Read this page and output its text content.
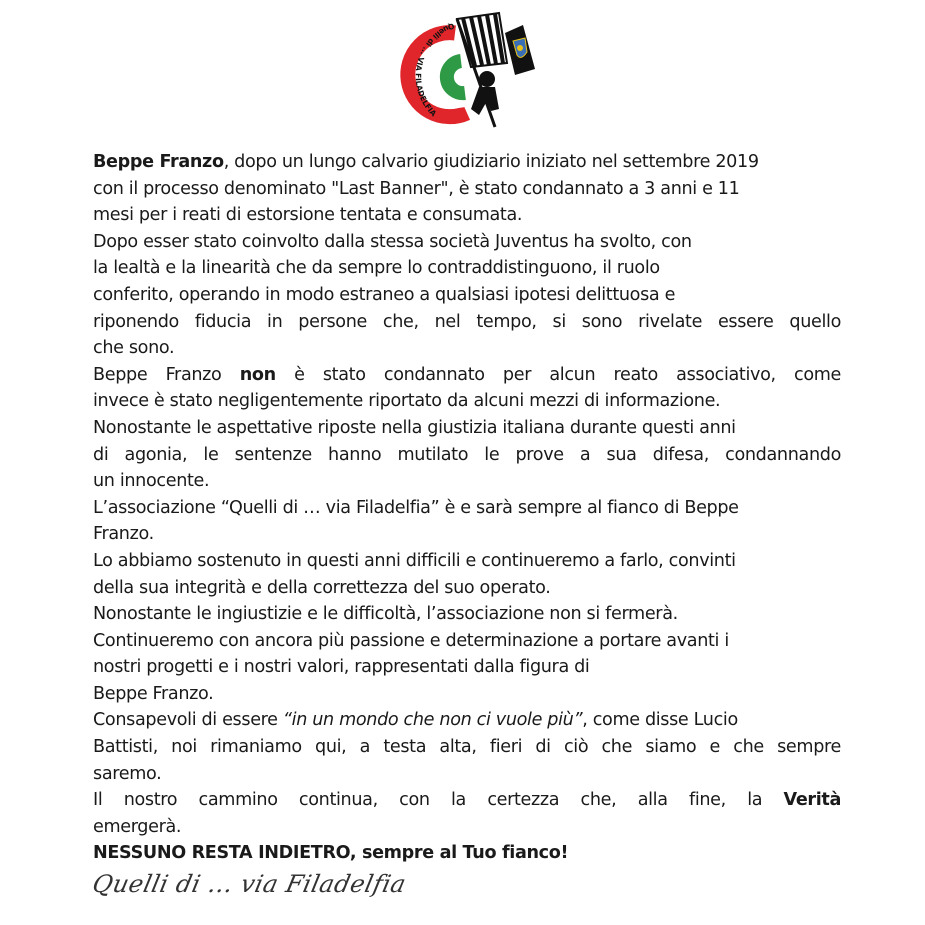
Quelli di ... VIA FILADELFIA
Beppe Franzo, dopo un lungo calvario giudiziario iniziato nel settembre 2019
con il processo denominato "Last Banner", è stato condannato a 3 anni e 11
mesi per i reati di estorsione tentata e consumata.
Dopo esser stato coinvolto dalla stessa società Juventus ha svolto, con
la lealtà e la linearità che da sempre lo contraddistinguono, il ruolo
conferito, operando in modo estraneo a qualsiasi ipotesi delittuosa e
riponendo fiducia in persone che, nel tempo, si sono rivelate essere quello
che sono.
Beppe Franzo non è stato condannato per alcun reato associativo, come
invece è stato negligentemente riportato da alcuni mezzi di informazione.
Nonostante le aspettative riposte nella giustizia italiana durante questi anni
di agonia, le sentenze hanno mutilato le prove a sua difesa, condannando
un innocente.
L’associazione “Quelli di … via Filadelfia” è e sarà sempre al fianco di Beppe
Franzo.
Lo abbiamo sostenuto in questi anni difficili e continueremo a farlo, convinti
della sua integrità e della correttezza del suo operato.
Nonostante le ingiustizie e le difficoltà, l’associazione non si fermerà.
Continueremo con ancora più passione e determinazione a portare avanti i
nostri progetti e i nostri valori, rappresentati dalla figura di
Beppe Franzo.
Consapevoli di essere “in un mondo che non ci vuole più”, come disse Lucio
Battisti, noi rimaniamo qui, a testa alta, fieri di ciò che siamo e che sempre
saremo.
Il nostro cammino continua, con la certezza che, alla fine, la Verità
emergerà.
NESSUNO RESTA INDIETRO, sempre al Tuo fianco!
Quelli di ... via Filadelfia
